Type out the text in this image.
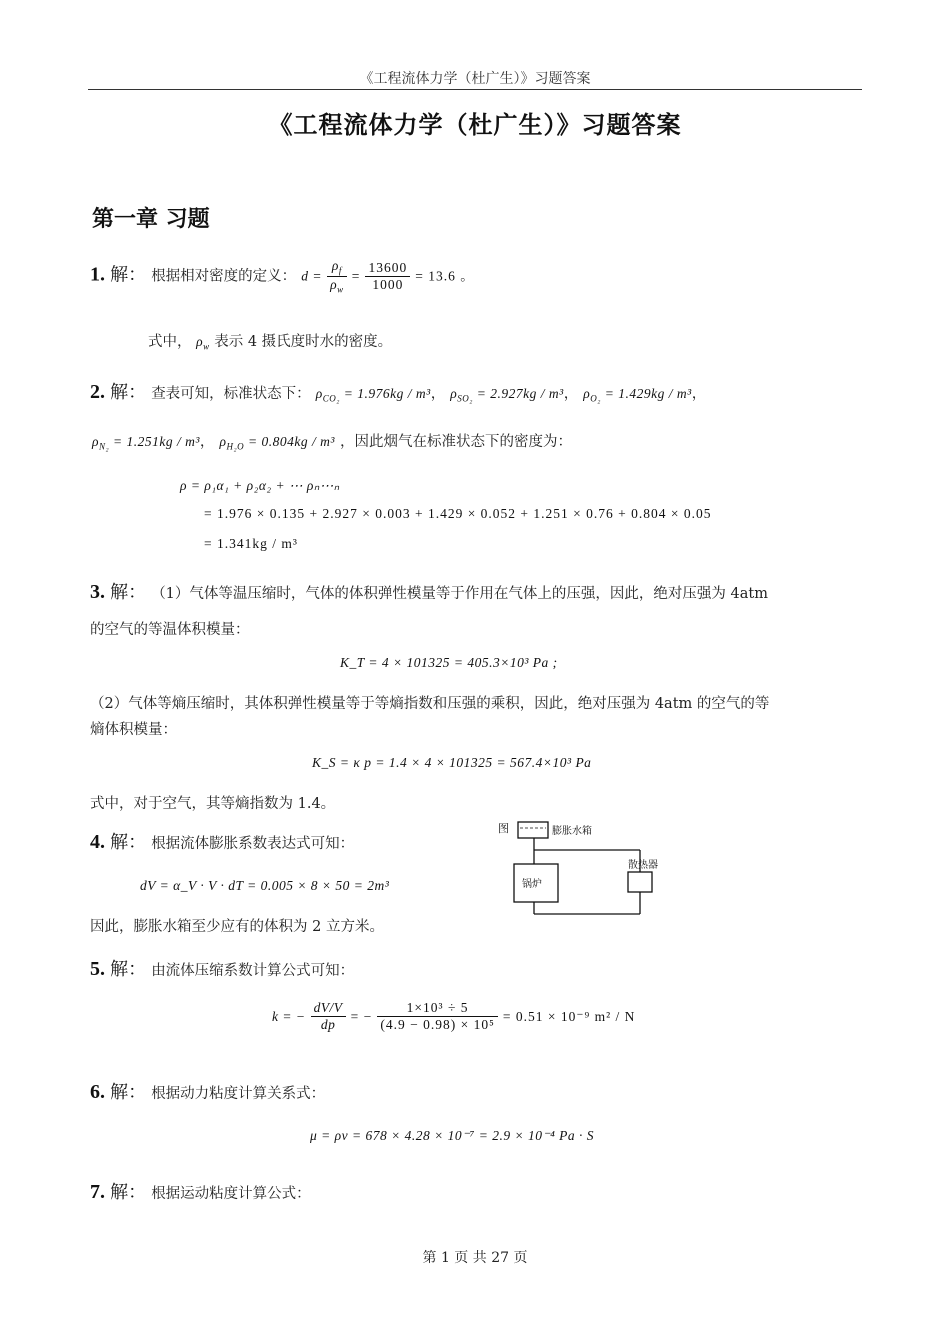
《工程流体力学（杜广生）》习题答案
《工程流体力学（杜广生）》习题答案
第一章 习题
1. 解： 根据相对密度的定义： $d = \frac{\rho_f}{\rho_w} = \frac{13600}{1000} = 13.6$ 。
式中， $\rho_w$ 表示 4 摄氏度时水的密度。
2. 解： 查表可知，标准状态下： $\rho_{CO_2} = 1.976kg / m^3$， $\rho_{SO_2} = 2.927kg / m^3$， $\rho_{O_2} = 1.429kg / m^3$，
$\rho_{N_2} = 1.251kg / m^3$， $\rho_{H_2O} = 0.804kg / m^3$ ，因此烟气在标准状态下的密度为：
ρ = ρ₁α₁ + ρ₂α₂ + ⋯ ρₙ⋯ₙ
= 1.976 × 0.135 + 2.927 × 0.003 + 1.429 × 0.052 + 1.251 × 0.76 + 0.804 × 0.05
= 1.341kg / m³
3. 解： （1）气体等温压缩时，气体的体积弹性模量等于作用在气体上的压强，因此，绝对压强为 4atm
的空气的等温体积模量：
K_T = 4 × 101325 = 405.3×10³ Pa ;
（2）气体等熵压缩时，其体积弹性模量等于等熵指数和压强的乘积，因此，绝对压强为 4atm 的空气的等
熵体积模量：
K_S = κ p = 1.4 × 4 × 101325 = 567.4×10³ Pa
式中，对于空气，其等熵指数为 1.4。
4. 解： 根据流体膨胀系数表达式可知：
dV = α_V · V · dT = 0.005 × 8 × 50 = 2m³
因此，膨胀水箱至少应有的体积为 2 立方米。
图	膨胀水箱
散热器
锅炉
5. 解： 由流体压缩系数计算公式可知：
k = − $\frac{dV/V}{dp}$ = − $\frac{\text{1×10³ ÷ 5}}{\text{(4.9 − 0.98) × 10⁵}} = 0.51 \times 10^{-9}$ m² / N
6. 解： 根据动力粘度计算关系式：
μ = ρν = 678 × 4.28 × 10⁻⁷ = 2.9 × 10⁻⁴ Pa · S
7. 解： 根据运动粘度计算公式：
第 1 页 共 27 页
